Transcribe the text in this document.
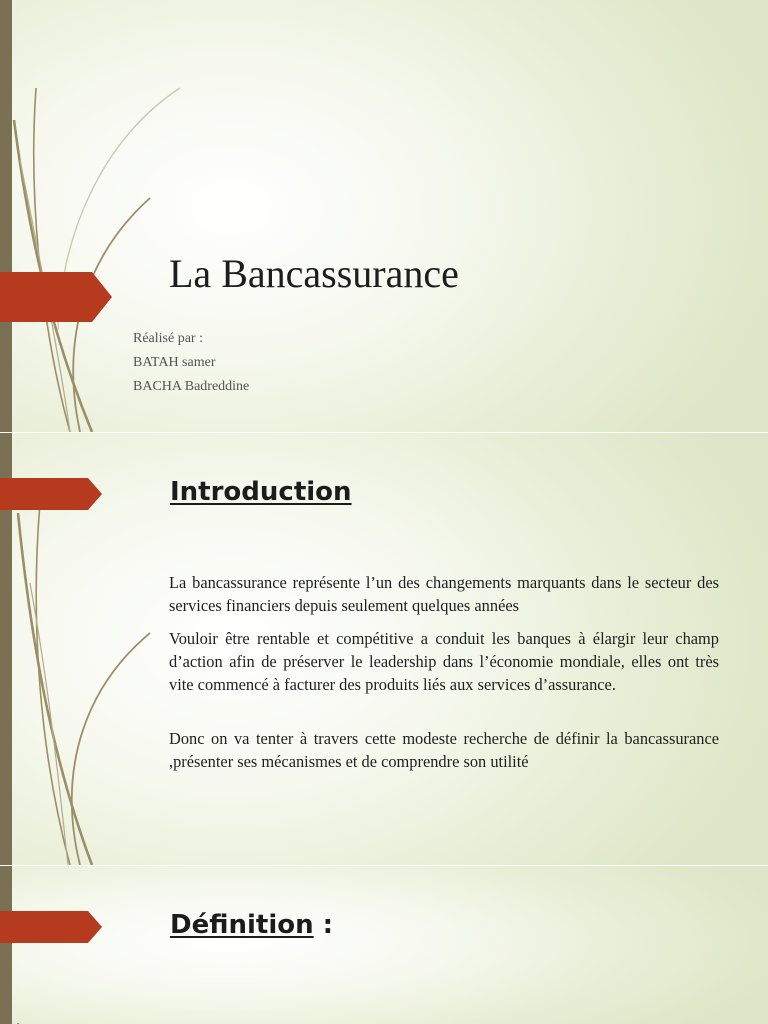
La Bancassurance
Réalisé par :
BATAH samer
BACHA Badreddine
Introduction
La bancassurance représente l’un des changements marquants dans le secteur des services financiers depuis seulement quelques années
Vouloir être rentable et compétitive a conduit les banques à élargir leur champ d’action afin de préserver le leadership dans l’économie mondiale, elles ont très vite commencé à facturer des produits liés aux services d’assurance.
Donc on va tenter à travers cette modeste recherche de définir la bancassurance ,présenter ses mécanismes et de comprendre son utilité
Définition :
